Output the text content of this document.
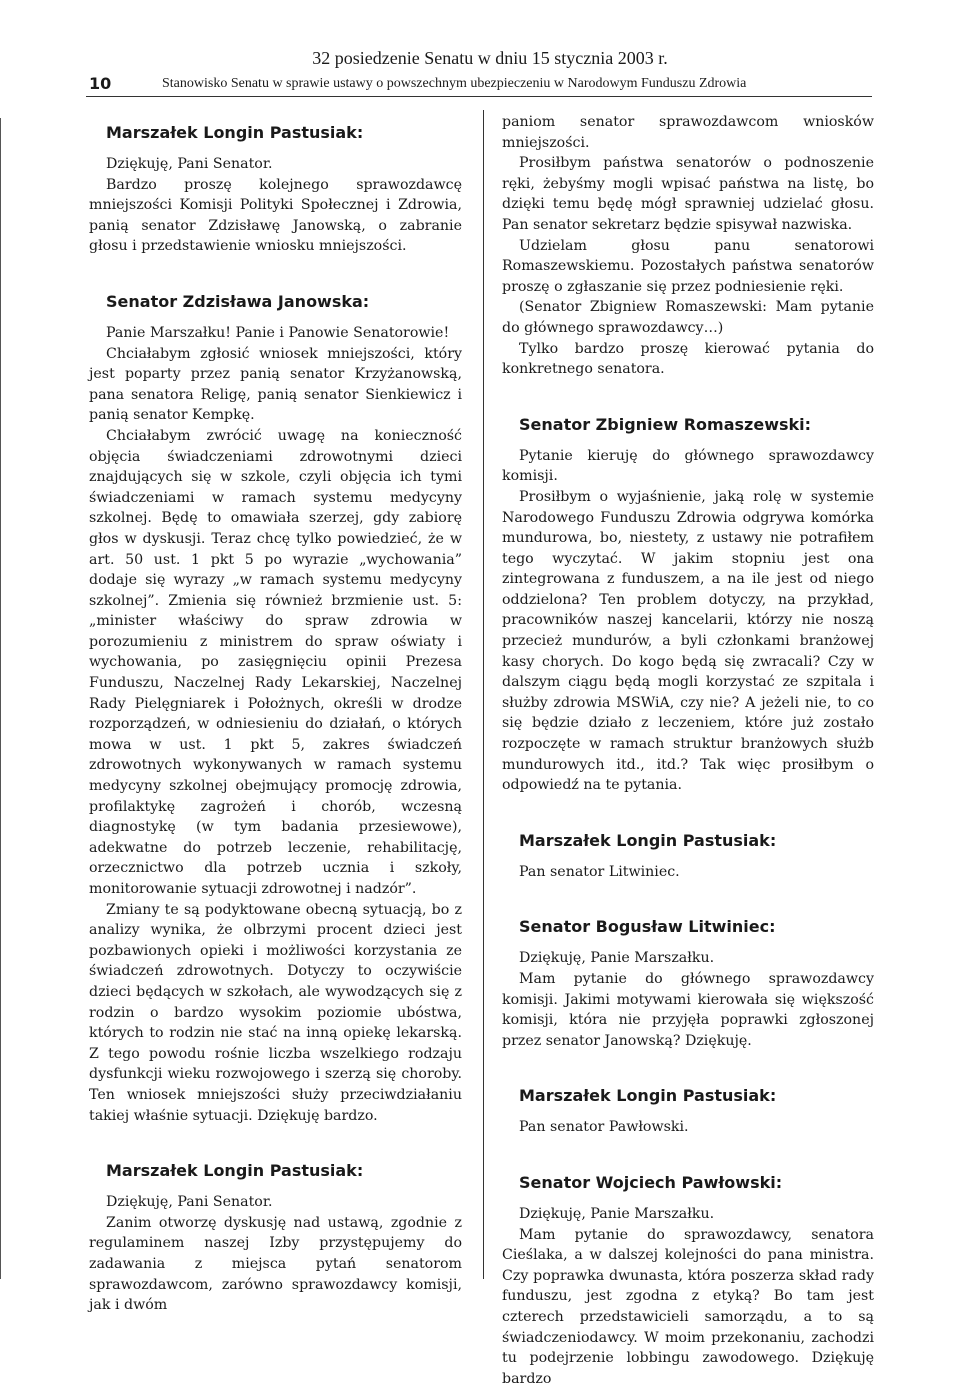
32 posiedzenie Senatu w dniu 15 stycznia 2003 r.
10	Stanowisko Senatu w sprawie ustawy o powszechnym ubezpieczeniu w Narodowym Funduszu Zdrowia
Marszałek Longin Pastusiak:

Dziękuję, Pani Senator.

Bardzo proszę kolejnego sprawozdawcę mniejszości Komisji Polityki Społecznej i Zdrowia, panią senator Zdzisławę Janowską, o zabranie głosu i przedstawienie wniosku mniejszości.

Senator Zdzisława Janowska:

Panie Marszałku! Panie i Panowie Senatorowie!

Chciałabym zgłosić wniosek mniejszości, który jest poparty przez panią senator Krzyżanowską, pana senatora Religę, panią senator Sienkiewicz i panią senator Kempkę.

Chciałabym zwrócić uwagę na konieczność objęcia świadczeniami zdrowotnymi dzieci znajdujących się w szkole, czyli objęcia ich tymi świadczeniami w ramach systemu medycyny szkolnej. Będę to omawiała szerzej, gdy zabiorę głos w dyskusji. Teraz chcę tylko powiedzieć, że w art. 50 ust. 1 pkt 5 po wyrazie „wychowania” dodaje się wyrazy „w ramach systemu medycyny szkolnej”. Zmienia się również brzmienie ust. 5: „minister właściwy do spraw zdrowia w porozumieniu z ministrem do spraw oświaty i wychowania, po zasięgnięciu opinii Prezesa Funduszu, Naczelnej Rady Lekarskiej, Naczelnej Rady Pielęgniarek i Położnych, określi w drodze rozporządzeń, w odniesieniu do działań, o których mowa w ust. 1 pkt 5, zakres świadczeń zdrowotnych wykonywanych w ramach systemu medycyny szkolnej obejmujący promocję zdrowia, profilaktykę zagrożeń i chorób, wczesną diagnostykę (w tym badania przesiewowe), adekwatne do potrzeb leczenie, rehabilitację, orzecznictwo dla potrzeb ucznia i szkoły, monitorowanie sytuacji zdrowotnej i nadzór”.

Zmiany te są podyktowane obecną sytuacją, bo z analizy wynika, że olbrzymi procent dzieci jest pozbawionych opieki i możliwości korzystania ze świadczeń zdrowotnych. Dotyczy to oczywiście dzieci będących w szkołach, ale wywodzących się z rodzin o bardzo wysokim poziomie ubóstwa, których to rodzin nie stać na inną opiekę lekarską. Z tego powodu rośnie liczba wszelkiego rodzaju dysfunkcji wieku rozwojowego i szerzą się choroby. Ten wniosek mniejszości służy przeciwdziałaniu takiej właśnie sytuacji. Dziękuję bardzo.

Marszałek Longin Pastusiak:

Dziękuję, Pani Senator.

Zanim otworzę dyskusję nad ustawą, zgodnie z regulaminem naszej Izby przystępujemy do zadawania z miejsca pytań senatorom sprawozdawcom, zarówno sprawozdawcy komisji, jak i dwóm

paniom senator sprawozdawcom wniosków mniejszości.

Prosiłbym państwa senatorów o podnoszenie ręki, żebyśmy mogli wpisać państwa na listę, bo dzięki temu będę mógł sprawniej udzielać głosu. Pan senator sekretarz będzie spisywał nazwiska.

Udzielam głosu panu senatorowi Romaszewskiemu. Pozostałych państwa senatorów proszę o zgłaszanie się przez podniesienie ręki.

(Senator Zbigniew Romaszewski: Mam pytanie do głównego sprawozdawcy…)

Tylko bardzo proszę kierować pytania do konkretnego senatora.

Senator Zbigniew Romaszewski:

Pytanie kieruję do głównego sprawozdawcy komisji.

Prosiłbym o wyjaśnienie, jaką rolę w systemie Narodowego Funduszu Zdrowia odgrywa komórka mundurowa, bo, niestety, z ustawy nie potrafiłem tego wyczytać. W jakim stopniu jest ona zintegrowana z funduszem, a na ile jest od niego oddzielona? Ten problem dotyczy, na przykład, pracowników naszej kancelarii, którzy nie noszą przecież mundurów, a byli członkami branżowej kasy chorych. Do kogo będą się zwracali? Czy w dalszym ciągu będą mogli korzystać ze szpitala i służby zdrowia MSWiA, czy nie? A jeżeli nie, to co się będzie działo z leczeniem, które już zostało rozpoczęte w ramach struktur branżowych służb mundurowych itd., itd.? Tak więc prosiłbym o odpowiedź na te pytania.

Marszałek Longin Pastusiak:

Pan senator Litwiniec.

Senator Bogusław Litwiniec:

Dziękuję, Panie Marszałku.

Mam pytanie do głównego sprawozdawcy komisji. Jakimi motywami kierowała się większość komisji, która nie przyjęła poprawki zgłoszonej przez senator Janowską? Dziękuję.

Marszałek Longin Pastusiak:

Pan senator Pawłowski.

Senator Wojciech Pawłowski:

Dziękuję, Panie Marszałku.

Mam pytanie do sprawozdawcy, senatora Cieślaka, a w dalszej kolejności do pana ministra. Czy poprawka dwunasta, która poszerza skład rady funduszu, jest zgodna z etyką? Bo tam jest czterech przedstawicieli samorządu, a to są świadczeniodawcy. W moim przekonaniu, zachodzi tu podejrzenie lobbingu zawodowego. Dziękuję bardzo
